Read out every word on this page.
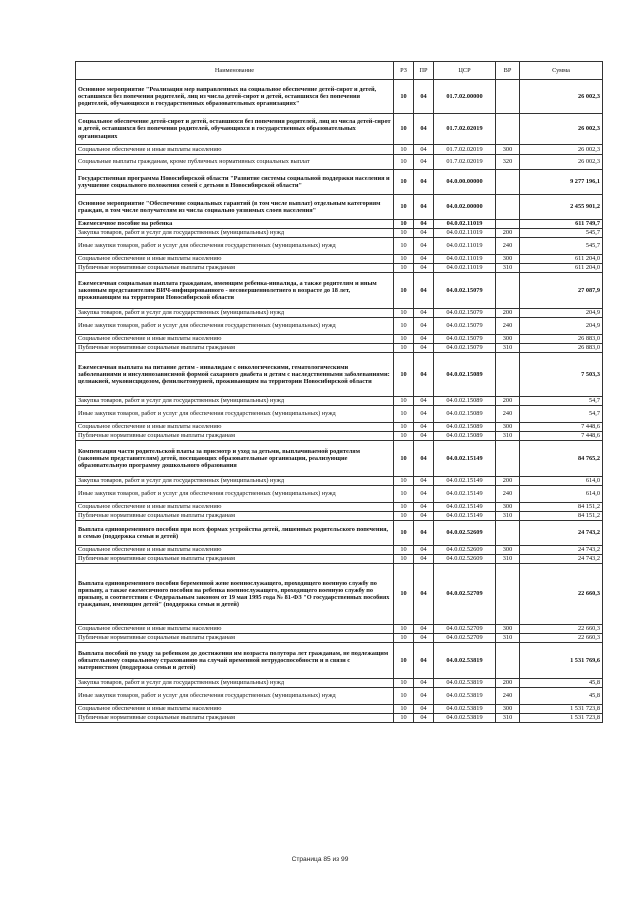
Наименование	РЗ	ПР	ЦСР	ВР	Сумма
Основное мероприятие "Реализация мер направленных на социальное обеспечение детей-сирот и детей, оставшихся без попечения родителей, лиц из числа детей-сирот и детей, оставшихся без попечения родителей, обучающихся в государственных образовательных организациях"	10	04	01.7.02.00000		26 002,3
Социальное обеспечение детей-сирот и детей, оставшихся без попечения родителей, лиц из числа детей-сирот и детей, оставшихся без попечения родителей, обучающихся в государственных образовательных организациях	10	04	01.7.02.02019		26 002,3
Социальное обеспечение и иные выплаты населению	10	04	01.7.02.02019	300	26 002,3
Социальные выплаты гражданам, кроме публичных нормативных социальных выплат	10	04	01.7.02.02019	320	26 002,3
Государственная программа Новосибирской области "Развитие системы социальной поддержки населения и улучшение социального положения семей с детьми в Новосибирской области"	10	04	04.0.00.00000		9 277 196,1
Основное мероприятие "Обеспечение социальных гарантий (в том числе выплат) отдельным категориям граждан, в том числе получателям из числа социально уязвимых слоев населения"	10	04	04.0.02.00000		2 455 901,2
Ежемесячное пособие на ребенка	10	04	04.0.02.11019		611 749,7
Закупка товаров, работ и услуг для государственных (муниципальных) нужд	10	04	04.0.02.11019	200	545,7
Иные закупки товаров, работ и услуг для обеспечения государственных (муниципальных) нужд	10	04	04.0.02.11019	240	545,7
Социальное обеспечение и иные выплаты населению	10	04	04.0.02.11019	300	611 204,0
Публичные нормативные социальные выплаты гражданам	10	04	04.0.02.11019	310	611 204,0
Ежемесячная социальная выплата гражданам, имеющим ребенка-инвалида, а также родителям и иным законным представителям ВИЧ-инфицированного - несовершеннолетнего в возрасте до 18 лет, проживающим на территории Новосибирской области	10	04	04.0.02.15079		27 087,9
Закупка товаров, работ и услуг для государственных (муниципальных) нужд	10	04	04.0.02.15079	200	204,9
Иные закупки товаров, работ и услуг для обеспечения государственных (муниципальных) нужд	10	04	04.0.02.15079	240	204,9
Социальное обеспечение и иные выплаты населению	10	04	04.0.02.15079	300	26 883,0
Публичные нормативные социальные выплаты гражданам	10	04	04.0.02.15079	310	26 883,0
Ежемесячная выплата на питание детям - инвалидам с онкологическими, гематологическими заболеваниями и инсулинозависимой формой сахарного диабета и детям с наследственными заболеваниями: целиакией, муковисцидозом, фенилкетонурией, проживающим на территории Новосибирской области	10	04	04.0.02.15089		7 503,3
Закупка товаров, работ и услуг для государственных (муниципальных) нужд	10	04	04.0.02.15089	200	54,7
Иные закупки товаров, работ и услуг для обеспечения государственных (муниципальных) нужд	10	04	04.0.02.15089	240	54,7
Социальное обеспечение и иные выплаты населению	10	04	04.0.02.15089	300	7 448,6
Публичные нормативные социальные выплаты гражданам	10	04	04.0.02.15089	310	7 448,6
Компенсация части родительской платы за присмотр и уход за детьми, выплачиваемой родителям (законным представителям) детей, посещающих образовательные организации, реализующие образовательную программу дошкольного образования	10	04	04.0.02.15149		84 765,2
Закупка товаров, работ и услуг для государственных (муниципальных) нужд	10	04	04.0.02.15149	200	614,0
Иные закупки товаров, работ и услуг для обеспечения государственных (муниципальных) нужд	10	04	04.0.02.15149	240	614,0
Социальное обеспечение и иные выплаты населению	10	04	04.0.02.15149	300	84 151,2
Публичные нормативные социальные выплаты гражданам	10	04	04.0.02.15149	310	84 151,2
Выплата единовременного пособия при всех формах устройства детей, лишенных родительского попечения, в семью (поддержка семьи и детей)	10	04	04.0.02.52609		24 743,2
Социальное обеспечение и иные выплаты населению	10	04	04.0.02.52609	300	24 743,2
Публичные нормативные социальные выплаты гражданам	10	04	04.0.02.52609	310	24 743,2
Выплата единовременного пособия беременной жене военнослужащего, проходящего военную службу по призыву, а также ежемесячного пособия на ребенка военнослужащего, проходящего военную службу по призыву, в соответствии с Федеральным законом от 19 мая 1995 года № 81-ФЗ "О государственных пособиях гражданам, имеющим детей" (поддержка семьи и детей)	10	04	04.0.02.52709		22 660,3
Социальное обеспечение и иные выплаты населению	10	04	04.0.02.52709	300	22 660,3
Публичные нормативные социальные выплаты гражданам	10	04	04.0.02.52709	310	22 660,3
Выплата пособий по уходу за ребенком до достижения им возраста полутора лет гражданам, не подлежащим обязательному социальному страхованию на случай временной нетрудоспособности и в связи с материнством (поддержка семьи и детей)	10	04	04.0.02.53819		1 531 769,6
Закупка товаров, работ и услуг для государственных (муниципальных) нужд	10	04	04.0.02.53819	200	45,8
Иные закупки товаров, работ и услуг для обеспечения государственных (муниципальных) нужд	10	04	04.0.02.53819	240	45,8
Социальное обеспечение и иные выплаты населению	10	04	04.0.02.53819	300	1 531 723,8
Публичные нормативные социальные выплаты гражданам	10	04	04.0.02.53819	310	1 531 723,8
Страница 85 из 99
